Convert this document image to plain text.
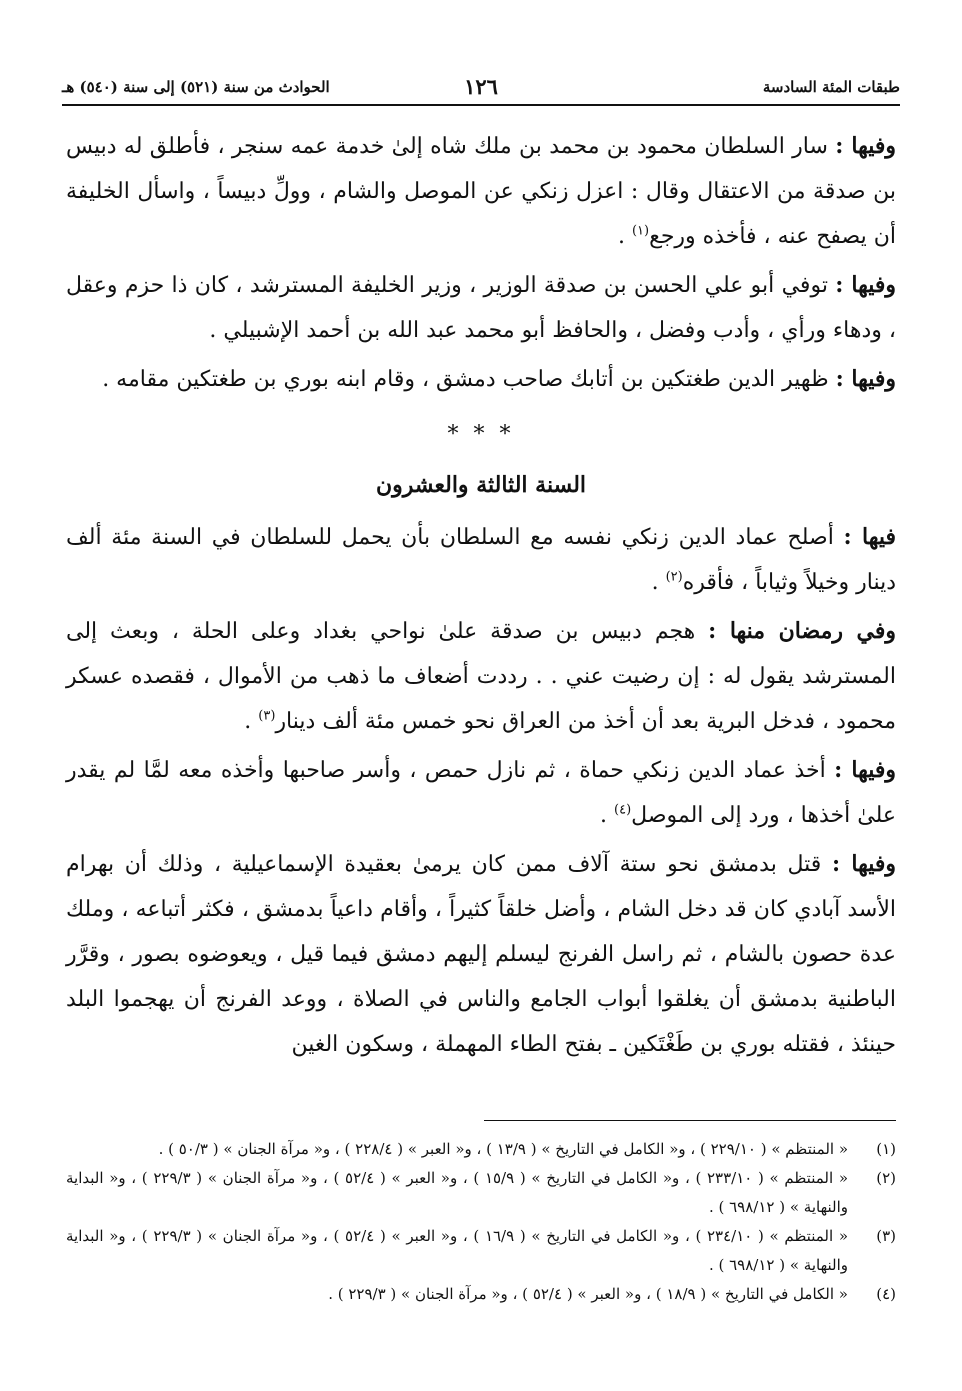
طبقات المئة السادسة
١٢٦
الحوادث من سنة (٥٢١) إلى سنة (٥٤٠) هـ

وفيها : سار السلطان محمود بن محمد بن ملك شاه إلىٰ خدمة عمه سنجر ، فأطلق له دبيس بن صدقة من الاعتقال وقال : اعزل زنكي عن الموصل والشام ، وولِّ دبيساً ، واسأل الخليفة أن يصفح عنه ، فأخذه ورجع$^{(١)}$ .

وفيها : توفي أبو علي الحسن بن صدقة الوزير ، وزير الخليفة المسترشد ، كان ذا حزم وعقل ، ودهاء ورأي ، وأدب وفضل ، والحافظ أبو محمد عبد الله بن أحمد الإشبيلي .

وفيها : ظهير الدين طغتكين بن أتابك صاحب دمشق ، وقام ابنه بوري بن طغتكين مقامه .

* * *
السنة الثالثة والعشرون

فيها : أصلح عماد الدين زنكي نفسه مع السلطان بأن يحمل للسلطان في السنة مئة ألف دينار وخيلاً وثياباً ، فأقره$^{(٢)}$ .

وفي رمضان منها : هجم دبيس بن صدقة علىٰ نواحي بغداد وعلى الحلة ، وبعث إلى المسترشد يقول له : إن رضيت عني . . رددت أضعاف ما ذهب من الأموال ، فقصده عسكر محمود ، فدخل البرية بعد أن أخذ من العراق نحو خمس مئة ألف دينار$^{(٣)}$ .

وفيها : أخذ عماد الدين زنكي حماة ، ثم نازل حمص ، وأسر صاحبها وأخذه معه لمَّا لم يقدر علىٰ أخذها ، ورد إلى الموصل$^{(٤)}$ .

وفيها : قتل بدمشق نحو ستة آلاف ممن كان يرمىٰ بعقيدة الإسماعيلية ، وذلك أن بهرام الأسد آبادي كان قد دخل الشام ، وأضل خلقاً كثيراً ، وأقام داعياً بدمشق ، فكثر أتباعه ، وملك عدة حصون بالشام ، ثم راسل الفرنج ليسلم إليهم دمشق فيما قيل ، ويعوضوه بصور ، وقرَّر الباطنية بدمشق أن يغلقوا أبواب الجامع والناس في الصلاة ، ووعد الفرنج أن يهجموا البلد حينئذ ، فقتله بوري بن طَغْتَكين ـ بفتح الطاء المهملة ، وسكون الغين

(١)
« المنتظم » ( ٢٢٩/١٠ ) ، و« الكامل في التاريخ » ( ١٣/٩ ) ، و« العبر » ( ٢٢٨/٤ ) ، و« مرآة الجنان » ( ٥٠/٣ ) .
(٢)
« المنتظم » ( ٢٣٣/١٠ ) ، و« الكامل في التاريخ » ( ١٥/٩ ) ، و« العبر » ( ٥٢/٤ ) ، و« مرآة الجنان » ( ٢٢٩/٣ ) ، و« البداية والنهاية » ( ٦٩٨/١٢ ) .
(٣)
« المنتظم » ( ٢٣٤/١٠ ) ، و« الكامل في التاريخ » ( ١٦/٩ ) ، و« العبر » ( ٥٢/٤ ) ، و« مرآة الجنان » ( ٢٢٩/٣ ) ، و« البداية والنهاية » ( ٦٩٨/١٢ ) .
(٤)
« الكامل في التاريخ » ( ١٨/٩ ) ، و« العبر » ( ٥٢/٤ ) ، و« مرآة الجنان » ( ٢٢٩/٣ ) .
